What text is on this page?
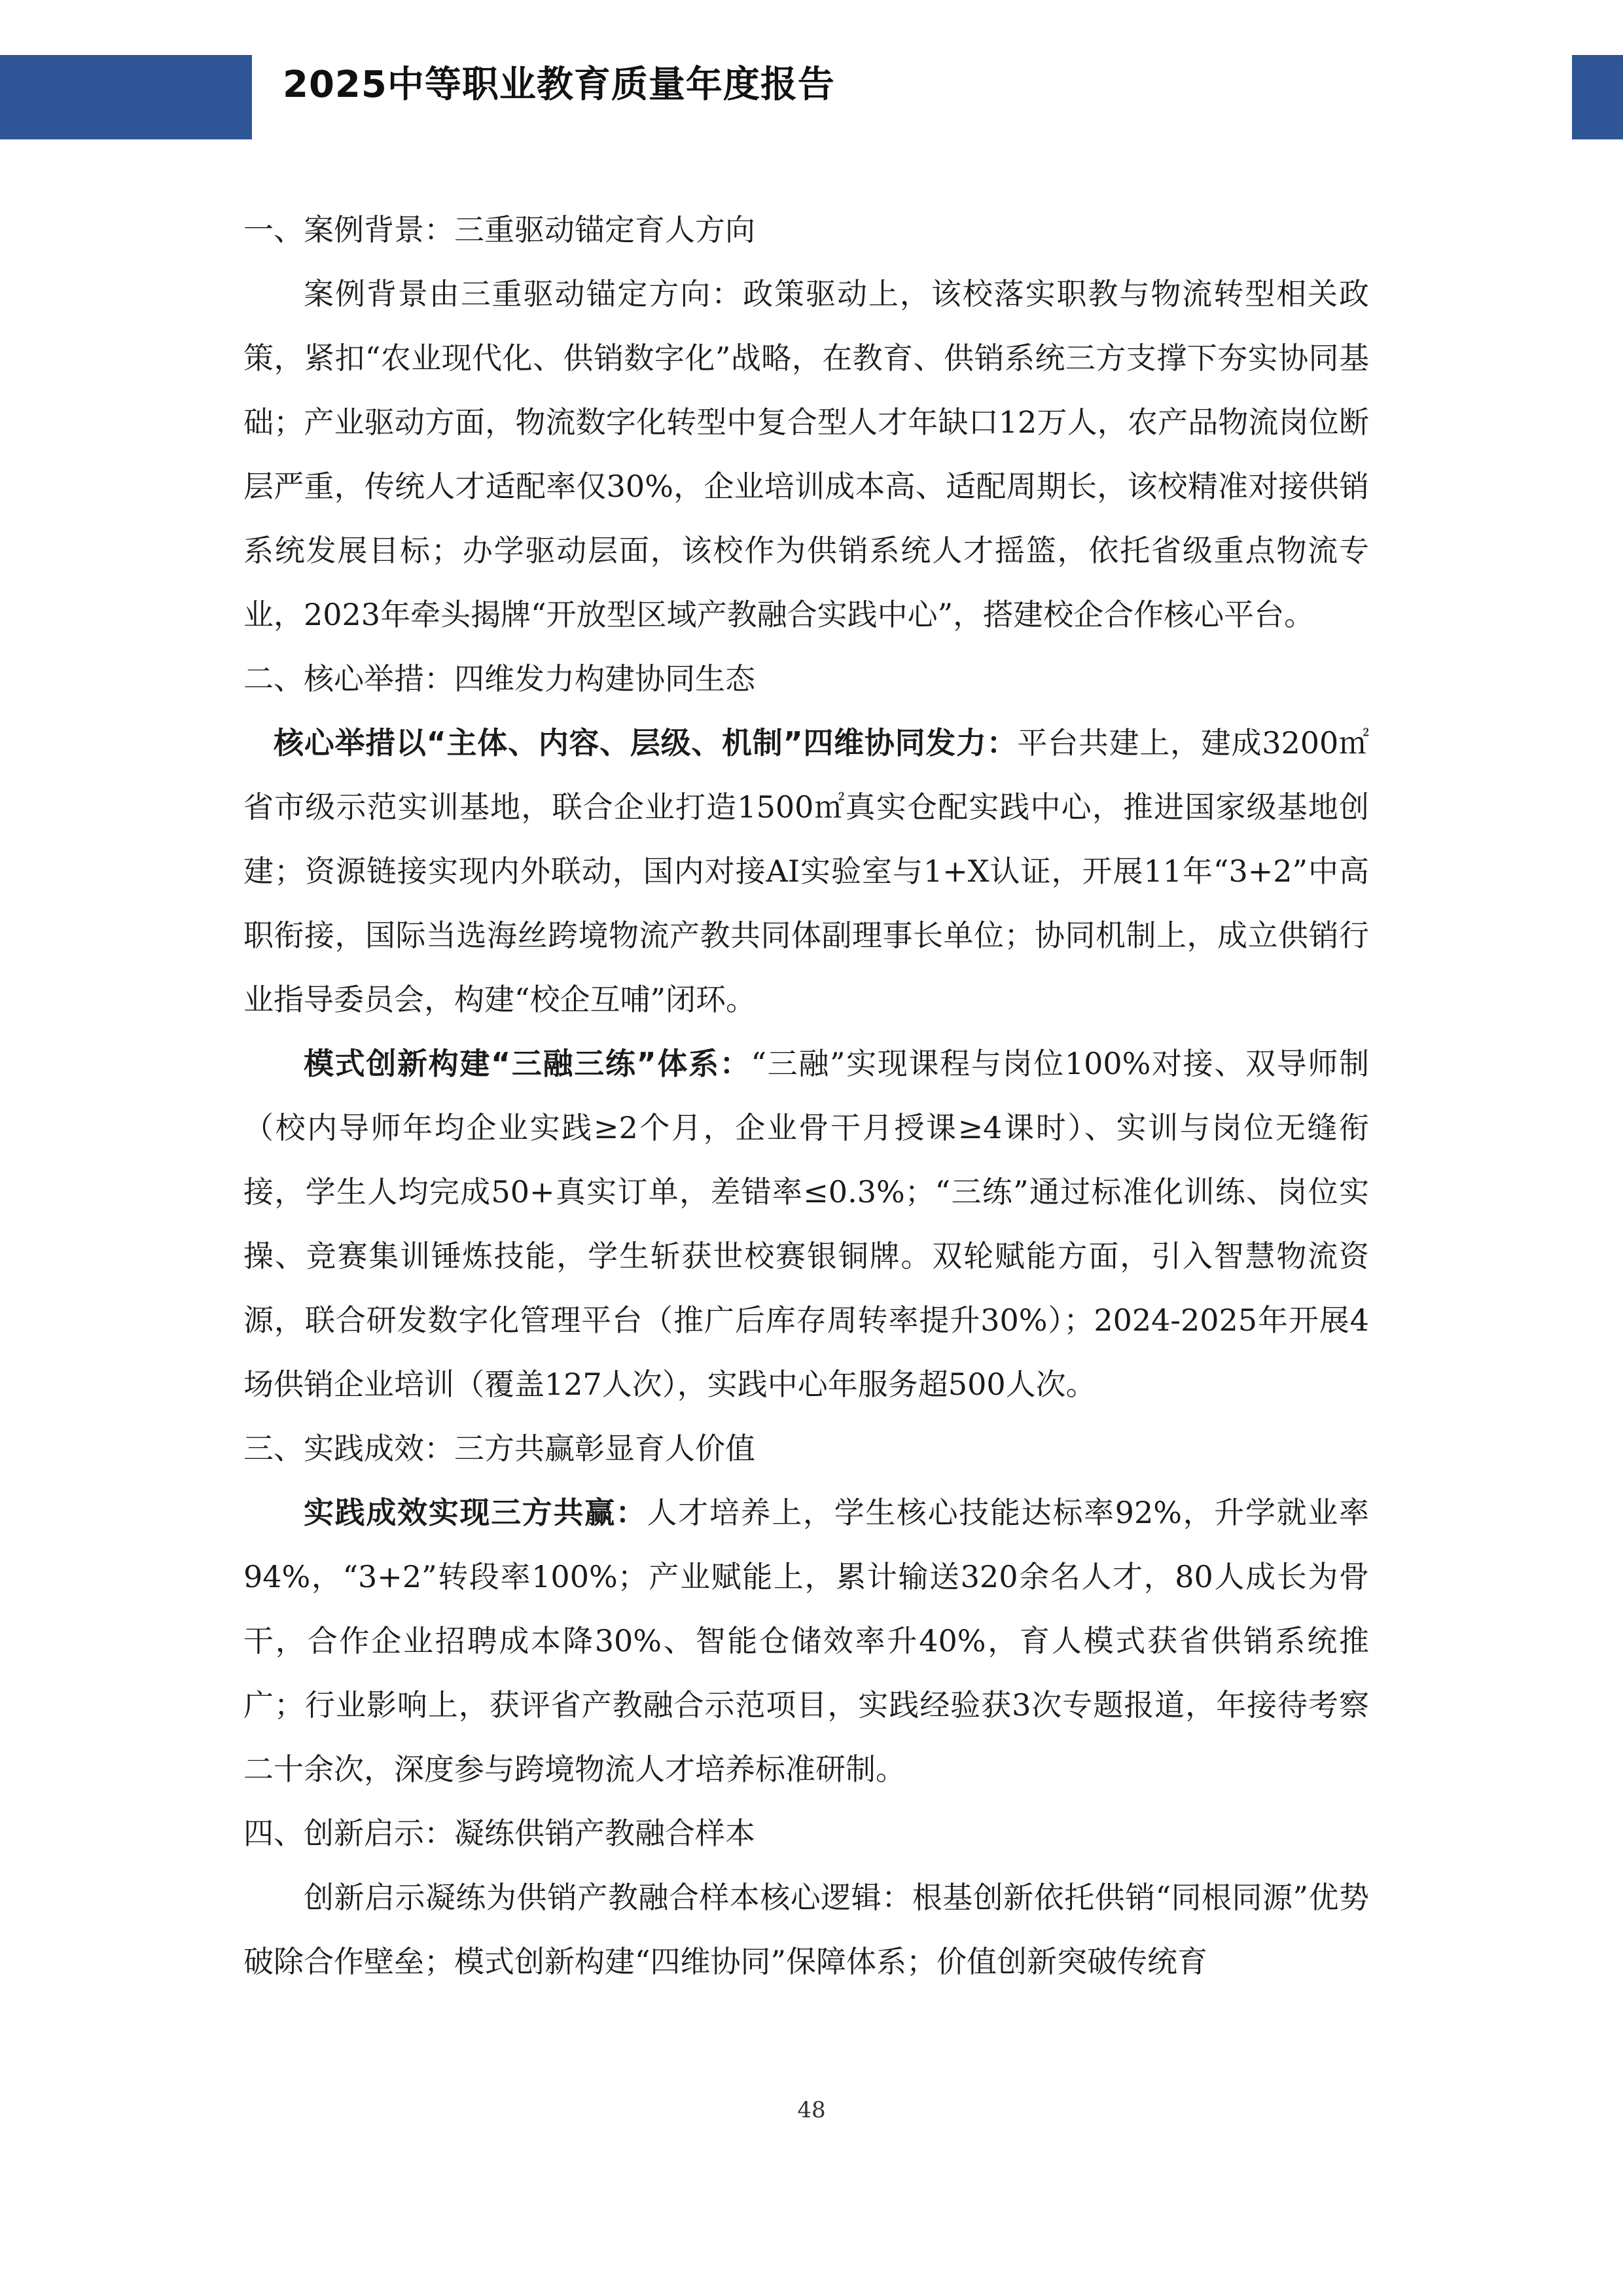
2025中等职业教育质量年度报告
一、案例背景：三重驱动锚定育人方向

案例背景由三重驱动锚定方向：政策驱动上，该校落实职教与物流转型相关政策，紧扣“农业现代化、供销数字化”战略，在教育、供销系统三方支撑下夯实协同基础；产业驱动方面，物流数字化转型中复合型人才年缺口12万人，农产品物流岗位断层严重，传统人才适配率仅30%，企业培训成本高、适配周期长，该校精准对接供销系统发展目标；办学驱动层面，该校作为供销系统人才摇篮，依托省级重点物流专业，2023年牵头揭牌“开放型区域产教融合实践中心”，搭建校企合作核心平台。

二、核心举措：四维发力构建协同生态

核心举措以“主体、内容、层级、机制”四维协同发力：平台共建上，建成3200㎡省市级示范实训基地，联合企业打造1500㎡真实仓配实践中心，推进国家级基地创建；资源链接实现内外联动，国内对接AI实验室与1+X认证，开展11年“3+2”中高职衔接，国际当选海丝跨境物流产教共同体副理事长单位；协同机制上，成立供销行业指导委员会，构建“校企互哺”闭环。

模式创新构建“三融三练”体系：“三融”实现课程与岗位100%对接、双导师制（校内导师年均企业实践≥2个月，企业骨干月授课≥4课时）、实训与岗位无缝衔接，学生人均完成50+真实订单，差错率≤0.3%；“三练”通过标准化训练、岗位实操、竞赛集训锤炼技能，学生斩获世校赛银铜牌。双轮赋能方面，引入智慧物流资源，联合研发数字化管理平台（推广后库存周转率提升30%）；2024-2025年开展4场供销企业培训（覆盖127人次），实践中心年服务超500人次。

三、实践成效：三方共赢彰显育人价值

实践成效实现三方共赢：人才培养上，学生核心技能达标率92%，升学就业率94%，“3+2”转段率100%；产业赋能上，累计输送320余名人才，80人成长为骨干，合作企业招聘成本降30%、智能仓储效率升40%，育人模式获省供销系统推广；行业影响上，获评省产教融合示范项目，实践经验获3次专题报道，年接待考察二十余次，深度参与跨境物流人才培养标准研制。

四、创新启示：凝练供销产教融合样本

创新启示凝练为供销产教融合样本核心逻辑：根基创新依托供销“同根同源”优势破除合作壁垒；模式创新构建“四维协同”保障体系；价值创新突破传统育

48
